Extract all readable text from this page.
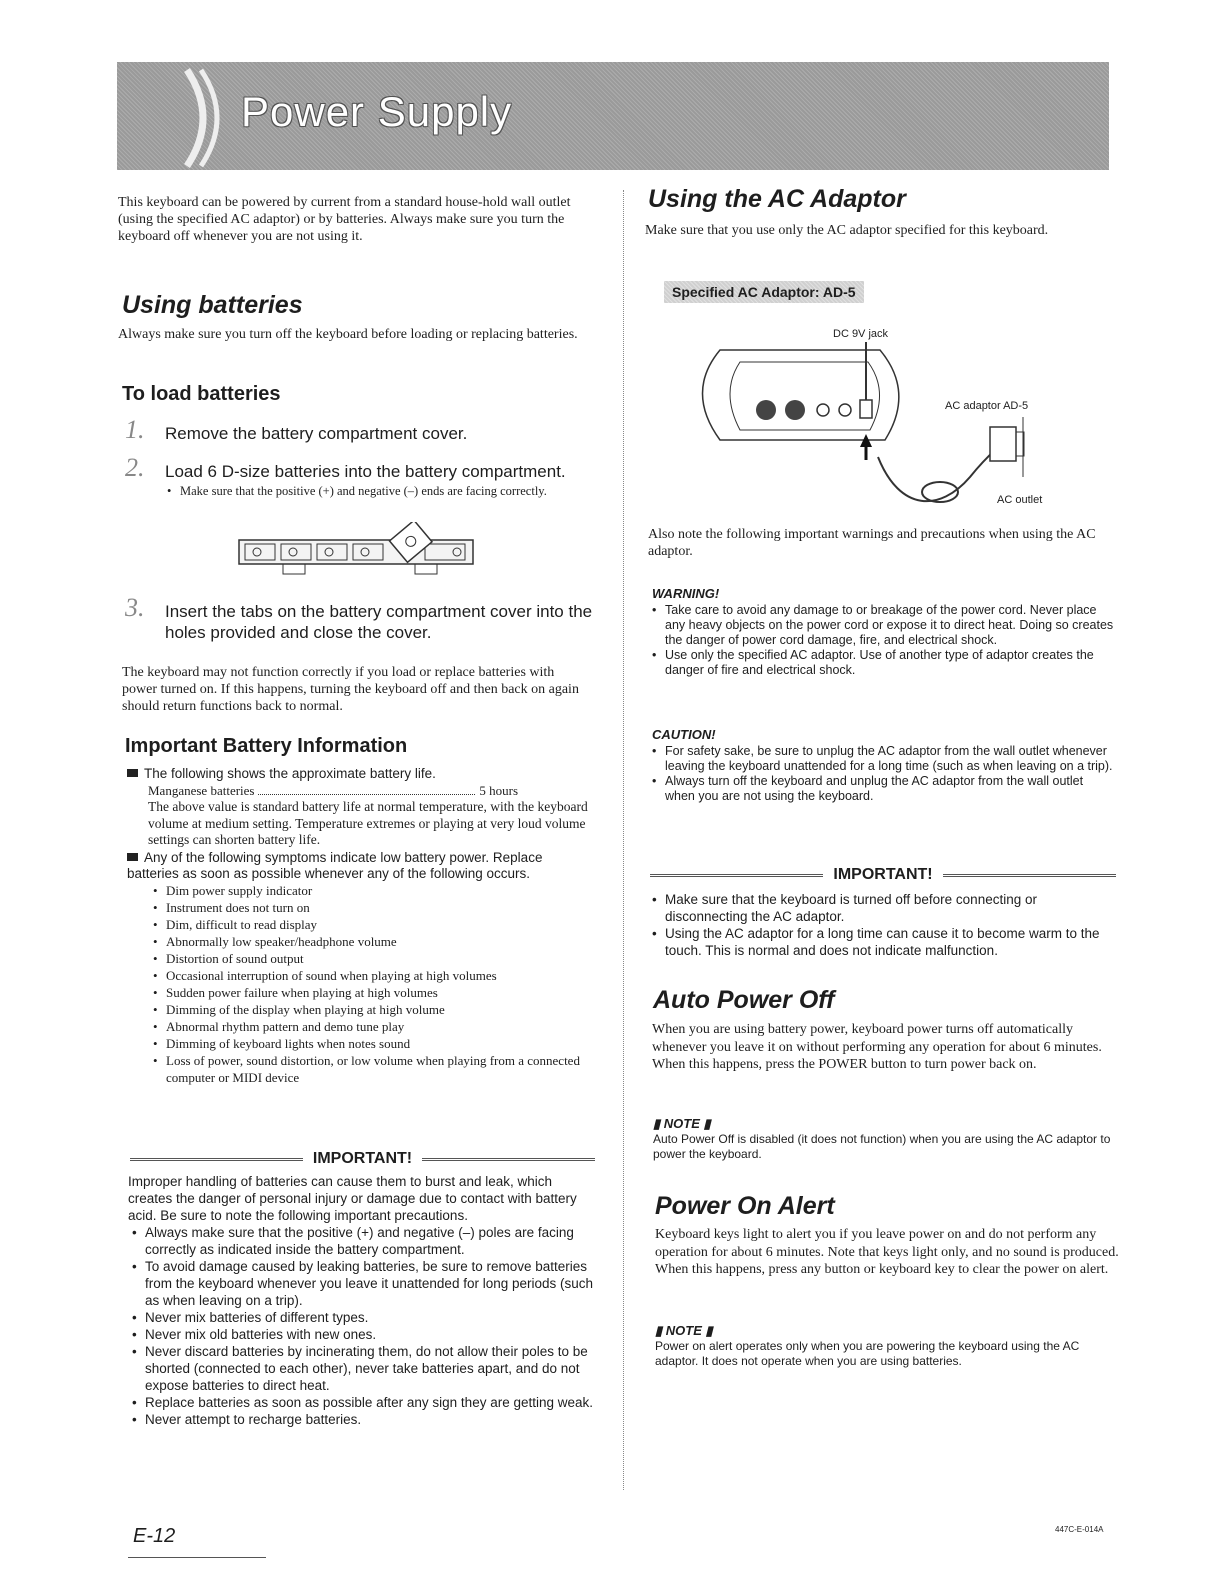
Power Supply

This keyboard can be powered by current from a standard house-hold wall outlet (using the specified AC adaptor) or by batteries. Always make sure you turn the keyboard off whenever you are not using it.

Using batteries

Always make sure you turn off the keyboard before loading or replacing batteries.

To load batteries
1. Remove the battery compartment cover.
2. Load 6 D-size batteries into the battery compartment.
• Make sure that the positive (+) and negative (–) ends are facing correctly.
3. Insert the tabs on the battery compartment cover into the holes provided and close the cover.

The keyboard may not function correctly if you load or replace batteries with power turned on. If this happens, turning the keyboard off and then back on again should return functions back to normal.

Important Battery Information
The following shows the approximate battery life.
Manganese batteries	5 hours
The above value is standard battery life at normal temperature, with the keyboard volume at medium setting. Temperature extremes or playing at very loud volume settings can shorten battery life.
Any of the following symptoms indicate low battery power. Replace batteries as soon as possible whenever any of the following occurs.
• Dim power supply indicator
• Instrument does not turn on
• Dim, difficult to read display
• Abnormally low speaker/headphone volume
• Distortion of sound output
• Occasional interruption of sound when playing at high volumes
• Sudden power failure when playing at high volumes
• Dimming of the display when playing at high volume
• Abnormal rhythm pattern and demo tune play
• Dimming of keyboard lights when notes sound
• Loss of power, sound distortion, or low volume when playing from a connected computer or MIDI device
IMPORTANT!
Improper handling of batteries can cause them to burst and leak, which creates the danger of personal injury or damage due to contact with battery acid. Be sure to note the following important precautions.
• Always make sure that the positive (+) and negative (–) poles are facing correctly as indicated inside the battery compartment.
• To avoid damage caused by leaking batteries, be sure to remove batteries from the keyboard whenever you leave it unattended for long periods (such as when leaving on a trip).
• Never mix batteries of different types.
• Never mix old batteries with new ones.
• Never discard batteries by incinerating them, do not allow their poles to be shorted (connected to each other), never take batteries apart, and do not expose batteries to direct heat.
• Replace batteries as soon as possible after any sign they are getting weak.
• Never attempt to recharge batteries.
Using the AC Adaptor

Make sure that you use only the AC adaptor specified for this keyboard.

Specified AC Adaptor: AD-5
DC 9V jack
AC adaptor AD-5
AC outlet

Also note the following important warnings and precautions when using the AC adaptor.

WARNING!
• Take care to avoid any damage to or breakage of the power cord. Never place any heavy objects on the power cord or expose it to direct heat. Doing so creates the danger of power cord damage, fire, and electrical shock.
• Use only the specified AC adaptor. Use of another type of adaptor creates the danger of fire and electrical shock.
CAUTION!
• For safety sake, be sure to unplug the AC adaptor from the wall outlet whenever leaving the keyboard unattended for a long time (such as when leaving on a trip).
• Always turn off the keyboard and unplug the AC adaptor from the wall outlet when you are not using the keyboard.
IMPORTANT!
• Make sure that the keyboard is turned off before connecting or disconnecting the AC adaptor.
• Using the AC adaptor for a long time can cause it to become warm to the touch. This is normal and does not indicate malfunction.
Auto Power Off

When you are using battery power, keyboard power turns off automatically whenever you leave it on without performing any operation for about 6 minutes. When this happens, press the POWER button to turn power back on.

▮ NOTE ▮

Auto Power Off is disabled (it does not function) when you are using the AC adaptor to power the keyboard.

Power On Alert

Keyboard keys light to alert you if you leave power on and do not perform any operation for about 6 minutes. Note that keys light only, and no sound is produced. When this happens, press any button or keyboard key to clear the power on alert.

▮ NOTE ▮

Power on alert operates only when you are powering the keyboard using the AC adaptor. It does not operate when you are using batteries.

E-12	447C-E-014A
